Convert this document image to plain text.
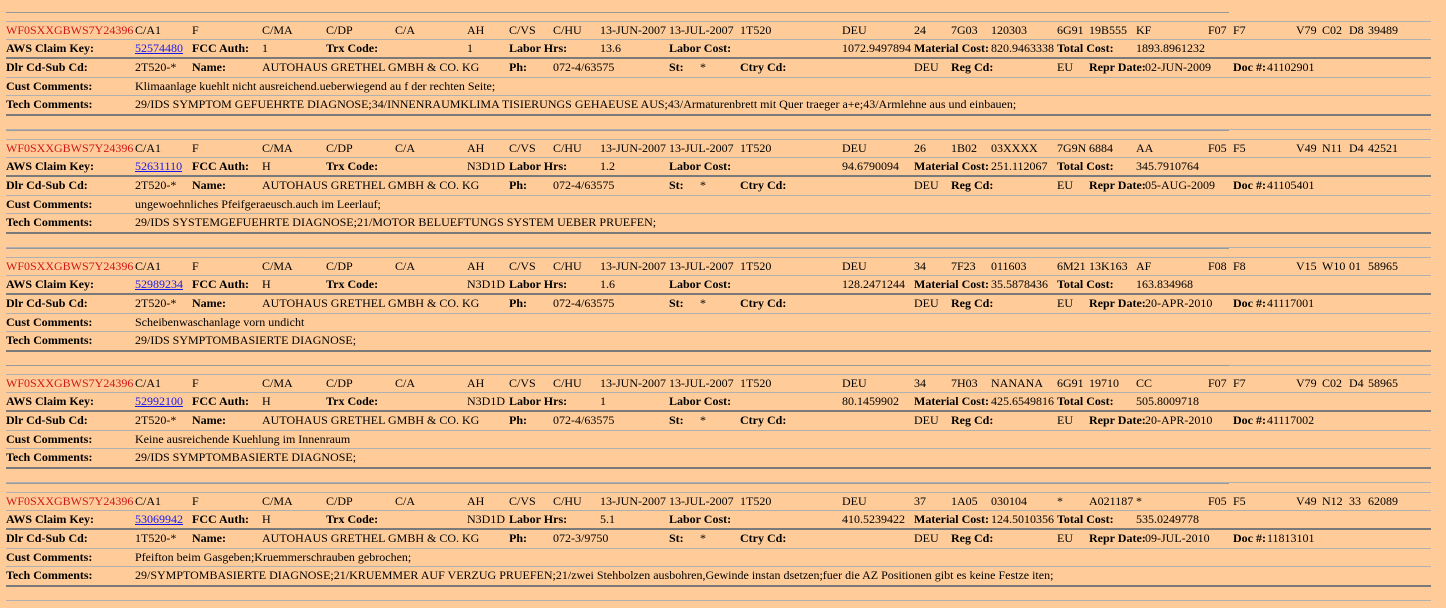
WF0SXXGBWS7Y24396 C/A1	F	C/MA	C/DP	C/A	AH C/VS C/HU 13-JUN-2007 13-JUL-2007 1T520	DEU	24 7G03 120303	6G91 19B555 KF	F07 F7	V79 C02 D8 39489
AWS Claim Key:	52574480 FCC Auth: 1	Trx Code:	1	Labor Hrs:	13.6	Labor Cost:	1072.9497894 Material Cost: 820.9463338 Total Cost: 1893.8961232
Dlr Cd-Sub Cd:	2T520-* Name:	AUTOHAUS GRETHEL GMBH & CO. KG Ph: 072-4/63575	St: *	Ctry Cd:	DEU Reg Cd:	EU Repr Date: 02-JUN-2009 Doc #: 41102901
Cust Comments:	Klimaanlage kuehlt nicht ausreichend.ueberwiegend au f der rechten Seite;
Tech Comments:	29/IDS SYMPTOM GEFUEHRTE DIAGNOSE;34/INNENRAUMKLIMA TISIERUNGS GEHAEUSE AUS;43/Armaturenbrett mit Quer traeger a+e;43/Armlehne aus und einbauen;
WF0SXXGBWS7Y24396 C/A1	F	C/MA	C/DP	C/A	AH C/VS C/HU 13-JUN-2007 13-JUL-2007 1T520	DEU	26 1B02 03XXXX 7G9N 6884 AA	F05 F5	V49 N11 D4 42521
AWS Claim Key:	52631110 FCC Auth: H	Trx Code:	N3D1D Labor Hrs:	1.2	Labor Cost:	94.6790094 Material Cost: 251.112067 Total Cost: 345.7910764
Dlr Cd-Sub Cd:	2T520-* Name:	AUTOHAUS GRETHEL GMBH & CO. KG Ph: 072-4/63575	St: *	Ctry Cd:	DEU Reg Cd:	EU Repr Date: 05-AUG-2009 Doc #: 41105401
Cust Comments:	ungewoehnliches Pfeifgeraeusch.auch im Leerlauf;
Tech Comments:	29/IDS SYSTEMGEFUEHRTE DIAGNOSE;21/MOTOR BELUEFTUNGS SYSTEM UEBER PRUEFEN;
WF0SXXGBWS7Y24396 C/A1	F	C/MA	C/DP	C/A	AH C/VS C/HU 13-JUN-2007 13-JUL-2007 1T520	DEU	34 7F23 011603	6M21 13K163 AF	F08 F8	V15 W10 01 58965
AWS Claim Key:	52989234 FCC Auth: H	Trx Code:	N3D1D Labor Hrs:	1.6	Labor Cost:	128.2471244 Material Cost: 35.5878436 Total Cost: 163.834968
Dlr Cd-Sub Cd:	2T520-* Name:	AUTOHAUS GRETHEL GMBH & CO. KG Ph: 072-4/63575	St: *	Ctry Cd:	DEU Reg Cd:	EU Repr Date: 20-APR-2010 Doc #: 41117001
Cust Comments:	Scheibenwaschanlage vorn undicht
Tech Comments:	29/IDS SYMPTOMBASIERTE DIAGNOSE;
WF0SXXGBWS7Y24396 C/A1	F	C/MA	C/DP	C/A	AH C/VS C/HU 13-JUN-2007 13-JUL-2007 1T520	DEU	34 7H03 NANANA 6G91 19710 CC	F07 F7	V79 C02 D4 58965
AWS Claim Key:	52992100 FCC Auth: H	Trx Code:	N3D1D Labor Hrs:	1	Labor Cost:	80.1459902 Material Cost: 425.6549816 Total Cost: 505.8009718
Dlr Cd-Sub Cd:	2T520-* Name:	AUTOHAUS GRETHEL GMBH & CO. KG Ph: 072-4/63575	St: *	Ctry Cd:	DEU Reg Cd:	EU Repr Date: 20-APR-2010 Doc #: 41117002
Cust Comments:	Keine ausreichende Kuehlung im Innenraum
Tech Comments:	29/IDS SYMPTOMBASIERTE DIAGNOSE;
WF0SXXGBWS7Y24396 C/A1	F	C/MA	C/DP	C/A	AH C/VS C/HU 13-JUN-2007 13-JUL-2007 1T520	DEU	37 1A05 030104	* A021187 *	F05 F5	V49 N12 33 62089
AWS Claim Key:	53069942 FCC Auth: H	Trx Code:	N3D1D Labor Hrs:	5.1	Labor Cost:	410.5239422 Material Cost: 124.5010356 Total Cost: 535.0249778
Dlr Cd-Sub Cd:	1T520-* Name:	AUTOHAUS GRETHEL GMBH & CO. KG Ph: 072-3/9750	St: *	Ctry Cd:	DEU Reg Cd:	EU Repr Date: 09-JUL-2010 Doc #: 11813101
Cust Comments:	Pfeifton beim Gasgeben;Kruemmerschrauben gebrochen;
Tech Comments:	29/SYMPTOMBASIERTE DIAGNOSE;21/KRUEMMER AUF VERZUG PRUEFEN;21/zwei Stehbolzen ausbohren,Gewinde instan dsetzen;fuer die AZ Positionen gibt es keine Festze iten;
